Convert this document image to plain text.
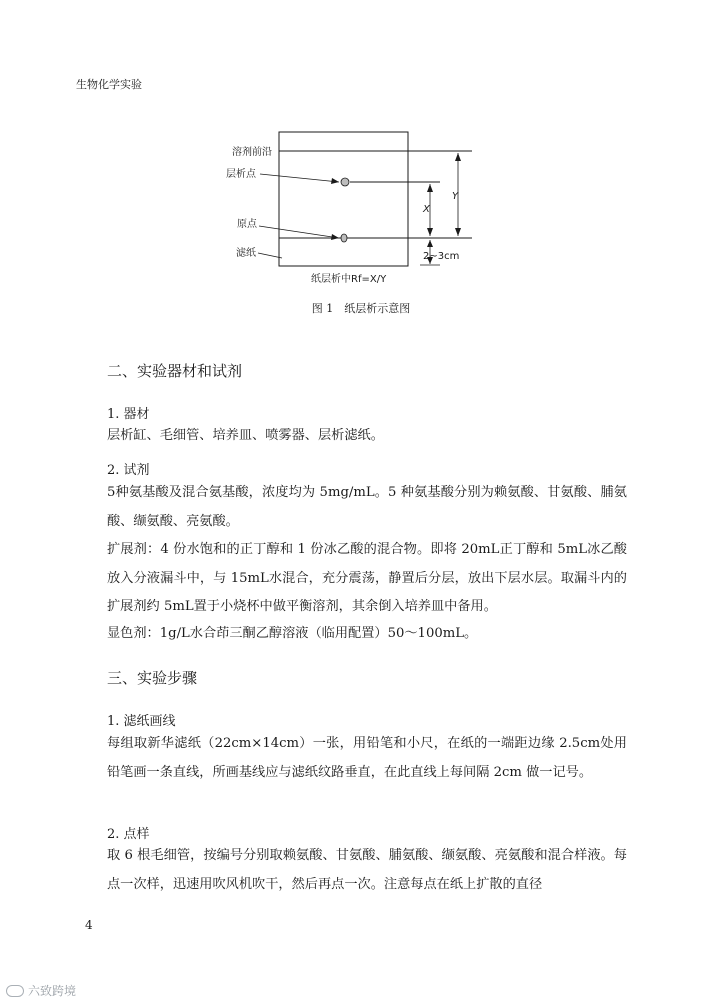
生物化学实验
溶剂前沿
层析点
原点
滤纸
X
Y
2~3cm
纸层析中Rf=X/Y
图 1　纸层析示意图
二、实验器材和试剂
1. 器材
层析缸、毛细管、培养皿、喷雾器、层析滤纸。
2. 试剂
5种氨基酸及混合氨基酸，浓度均为 5mg/mL。5 种氨基酸分别为赖氨酸、甘氨酸、脯氨酸、缬氨酸、亮氨酸。
扩展剂：4 份水饱和的正丁醇和 1 份冰乙酸的混合物。即将 20mL正丁醇和 5mL冰乙酸放入分液漏斗中，与 15mL水混合，充分震荡，静置后分层，放出下层水层。取漏斗内的扩展剂约 5mL置于小烧杯中做平衡溶剂，其余倒入培养皿中备用。
显色剂：1g/L水合茚三酮乙醇溶液（临用配置）50～100mL。
三、实验步骤
1. 滤纸画线
每组取新华滤纸（22cm×14cm）一张，用铅笔和小尺，在纸的一端距边缘 2.5cm处用铅笔画一条直线，所画基线应与滤纸纹路垂直，在此直线上每间隔 2cm 做一记号。
2. 点样
取 6 根毛细管，按编号分别取赖氨酸、甘氨酸、脯氨酸、缬氨酸、亮氨酸和混合样液。每点一次样，迅速用吹风机吹干，然后再点一次。注意每点在纸上扩散的直径
4
六致跨境
